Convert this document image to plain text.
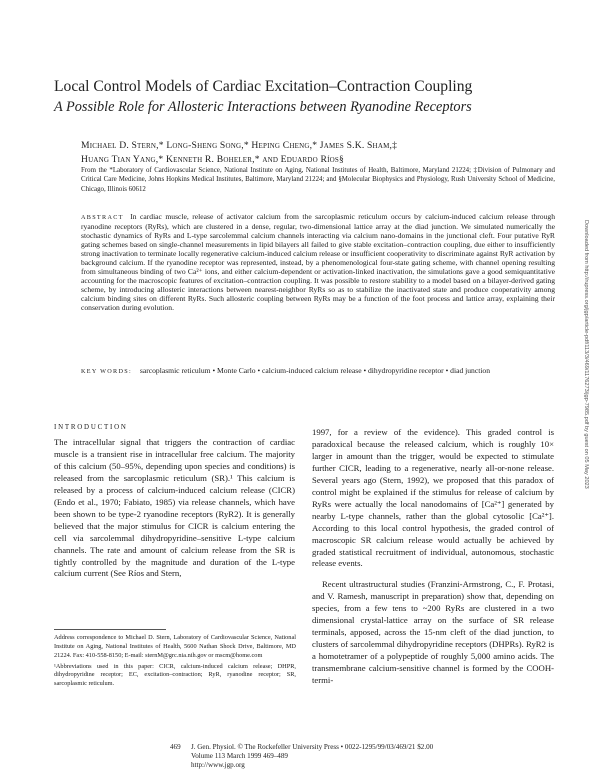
Local Control Models of Cardiac Excitation–Contraction Coupling
A Possible Role for Allosteric Interactions between Ryanodine Receptors
Michael D. Stern,* Long-Sheng Song,* Heping Cheng,* James S.K. Sham,‡
Huang Tian Yang,* Kenneth R. Boheler,* and Eduardo Ríos§
From the *Laboratory of Cardiovascular Science, National Institute on Aging, National Institutes of Health, Baltimore, Maryland 21224; ‡Division of Pulmonary and Critical Care Medicine, Johns Hopkins Medical Institutes, Baltimore, Maryland 21224; and §Molecular Biophysics and Physiology, Rush University School of Medicine, Chicago, Illinois 60612
ABSTRACT In cardiac muscle, release of activator calcium from the sarcoplasmic reticulum occurs by calcium-induced calcium release through ryanodine receptors (RyRs), which are clustered in a dense, regular, two-dimensional lattice array at the diad junction. We simulated numerically the stochastic dynamics of RyRs and L-type sarcolemmal calcium channels interacting via calcium nano-domains in the junctional cleft. Four putative RyR gating schemes based on single-channel measurements in lipid bilayers all failed to give stable excitation–contraction coupling, due either to insufficiently strong inactivation to terminate locally regenerative calcium-induced calcium release or insufficient cooperativity to discriminate against RyR activation by background calcium. If the ryanodine receptor was represented, instead, by a phenomenological four-state gating scheme, with channel opening resulting from simultaneous binding of two Ca²⁺ ions, and either calcium-dependent or activation-linked inactivation, the simulations gave a good semiquantitative accounting for the macroscopic features of excitation–contraction coupling. It was possible to restore stability to a model based on a bilayer-derived gating scheme, by introducing allosteric interactions between nearest-neighbor RyRs so as to stabilize the inactivated state and produce cooperativity among calcium binding sites on different RyRs. Such allosteric coupling between RyRs may be a function of the foot process and lattice array, explaining their conservation during evolution.
KEY WORDS: sarcoplasmic reticulum • Monte Carlo • calcium-induced calcium release • dihydropyridine receptor • diad junction
INTRODUCTION

The intracellular signal that triggers the contraction of cardiac muscle is a transient rise in intracellular free calcium. The majority of this calcium (50–95%, depending upon species and conditions) is released from the sarcoplasmic reticulum (SR).¹ This calcium is released by a process of calcium-induced calcium release (CICR) (Endo et al., 1970; Fabiato, 1985) via release channels, which have been shown to be type-2 ryanodine receptors (RyR2). It is generally believed that the major stimulus for CICR is calcium entering the cell via sarcolemmal dihydropyridine–sensitive L-type calcium channels. The rate and amount of calcium release from the SR is tightly controlled by the magnitude and duration of the L-type calcium current (See Ríos and Stern,

1997, for a review of the evidence). This graded control is paradoxical because the released calcium, which is roughly 10× larger in amount than the trigger, would be expected to stimulate further CICR, leading to a regenerative, nearly all-or-none release. Several years ago (Stern, 1992), we proposed that this paradox of control might be explained if the stimulus for release of calcium by RyRs were actually the local nanodomains of [Ca²⁺] generated by nearby L-type channels, rather than the global cytosolic [Ca²⁺]. According to this local control hypothesis, the graded control of macroscopic SR calcium release would actually be achieved by graded statistical recruitment of individual, autonomous, stochastic release events.

Recent ultrastructural studies (Franzini-Armstrong, C., F. Protasi, and V. Ramesh, manuscript in preparation) show that, depending on species, from a few tens to ~200 RyRs are clustered in a two dimensional crystal-lattice array on the surface of SR release terminals, apposed, across the 15-nm cleft of the diad junction, to clusters of sarcolemmal dihydropyridine receptors (DHPRs). RyR2 is a homotetramer of a polypeptide of roughly 5,000 amino acids. The transmembrane calcium-sensitive channel is formed by the COOH-termi-

Address correspondence to Michael D. Stern, Laboratory of Cardiovascular Science, National Institute on Aging, National Institutes of Health, 5600 Nathan Shock Drive, Baltimore, MD 21224. Fax: 410-558-8150; E-mail: sternM@grc.nia.nih.gov or mscm@home.com

¹Abbreviations used in this paper: CICR, calcium-induced calcium release; DHPR, dihydropyridine receptor; EC, excitation–contraction; RyR, ryanodine receptor; SR, sarcoplasmic reticulum.

469 J. Gen. Physiol. © The Rockefeller University Press • 0022-1295/99/03/469/21 $2.00
Volume 113 March 1999 469–489
http://www.jgp.org
Downloaded from http://rupress.org/jgp/article-pdf/113/3/469/1176273/jgp-7985.pdf by guest on 05 May 2023
